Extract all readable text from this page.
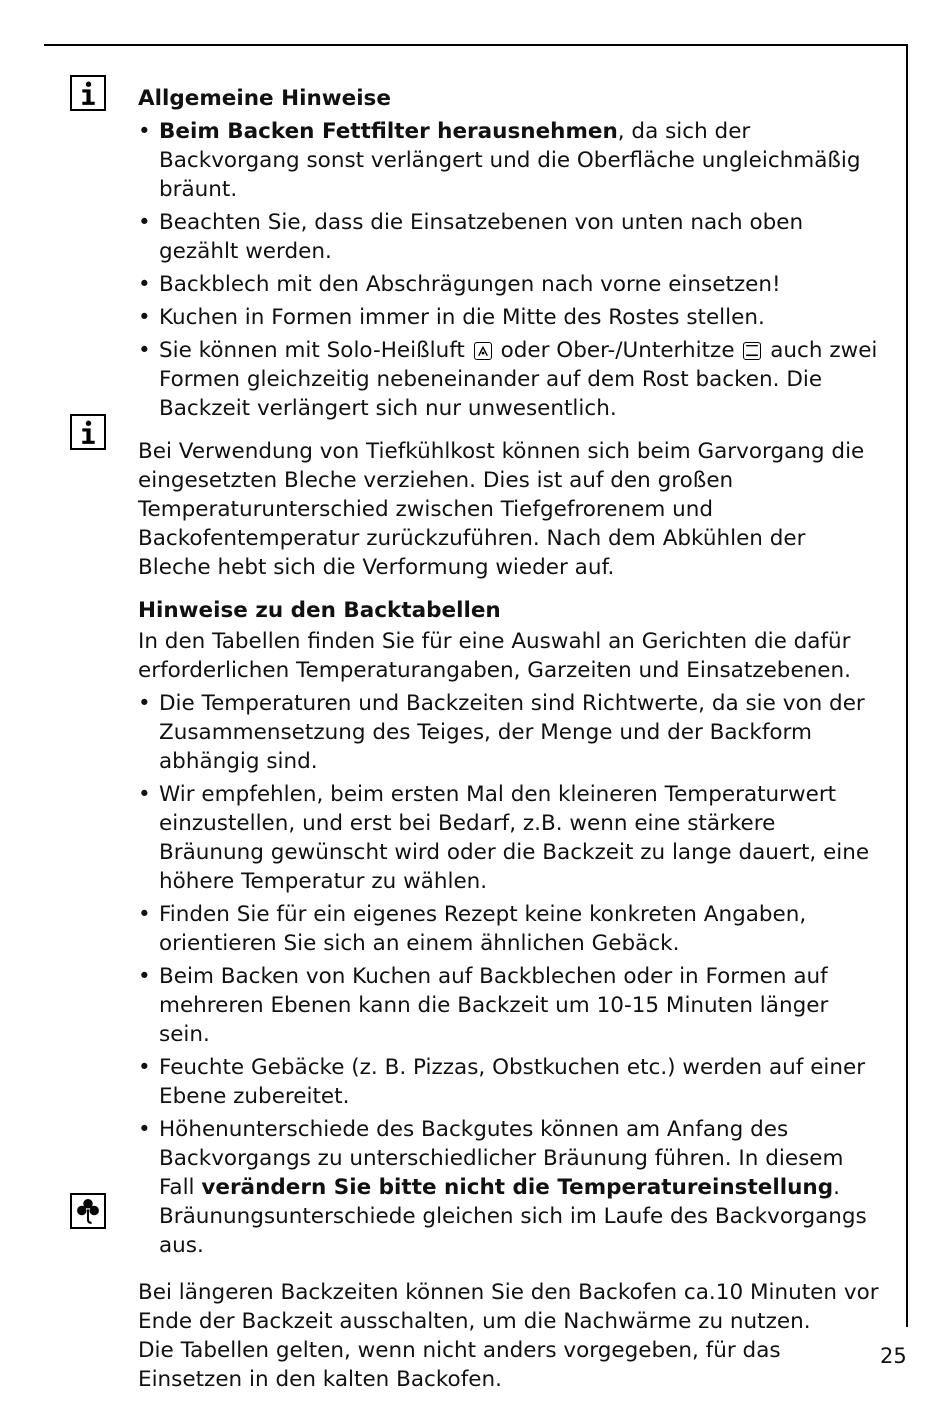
Allgemeine Hinweise

• Beim Backen Fettfilter herausnehmen, da sich der Backvorgang sonst verlängert und die Oberfläche ungleichmäßig bräunt.
• Beachten Sie, dass die Einsatzebenen von unten nach oben gezählt werden.
• Backblech mit den Abschrägungen nach vorne einsetzen!
• Kuchen in Formen immer in die Mitte des Rostes stellen.
• Sie können mit Solo-Heißluft oder Ober-/Unterhitze auch zwei Formen gleichzeitig nebeneinander auf dem Rost backen. Die Backzeit verlängert sich nur unwesentlich.

Bei Verwendung von Tiefkühlkost können sich beim Garvorgang die eingesetzten Bleche verziehen. Dies ist auf den großen Temperaturunterschied zwischen Tiefgefrorenem und Backofentemperatur zurückzuführen. Nach dem Abkühlen der Bleche hebt sich die Verformung wieder auf.

Hinweise zu den Backtabellen

In den Tabellen finden Sie für eine Auswahl an Gerichten die dafür erforderlichen Temperaturangaben, Garzeiten und Einsatzebenen.

• Die Temperaturen und Backzeiten sind Richtwerte, da sie von der Zusammensetzung des Teiges, der Menge und der Backform abhängig sind.
• Wir empfehlen, beim ersten Mal den kleineren Temperaturwert einzustellen, und erst bei Bedarf, z.B. wenn eine stärkere Bräunung gewünscht wird oder die Backzeit zu lange dauert, eine höhere Temperatur zu wählen.
• Finden Sie für ein eigenes Rezept keine konkreten Angaben, orientieren Sie sich an einem ähnlichen Gebäck.
• Beim Backen von Kuchen auf Backblechen oder in Formen auf mehreren Ebenen kann die Backzeit um 10-15 Minuten länger sein.
• Feuchte Gebäcke (z. B. Pizzas, Obstkuchen etc.) werden auf einer Ebene zubereitet.
• Höhenunterschiede des Backgutes können am Anfang des Backvorgangs zu unterschiedlicher Bräunung führen. In diesem Fall verändern Sie bitte nicht die Temperatureinstellung. Bräunungsunterschiede gleichen sich im Laufe des Backvorgangs aus.

Bei längeren Backzeiten können Sie den Backofen ca.10 Minuten vor Ende der Backzeit ausschalten, um die Nachwärme zu nutzen.

Die Tabellen gelten, wenn nicht anders vorgegeben, für das Einsetzen in den kalten Backofen.

25
